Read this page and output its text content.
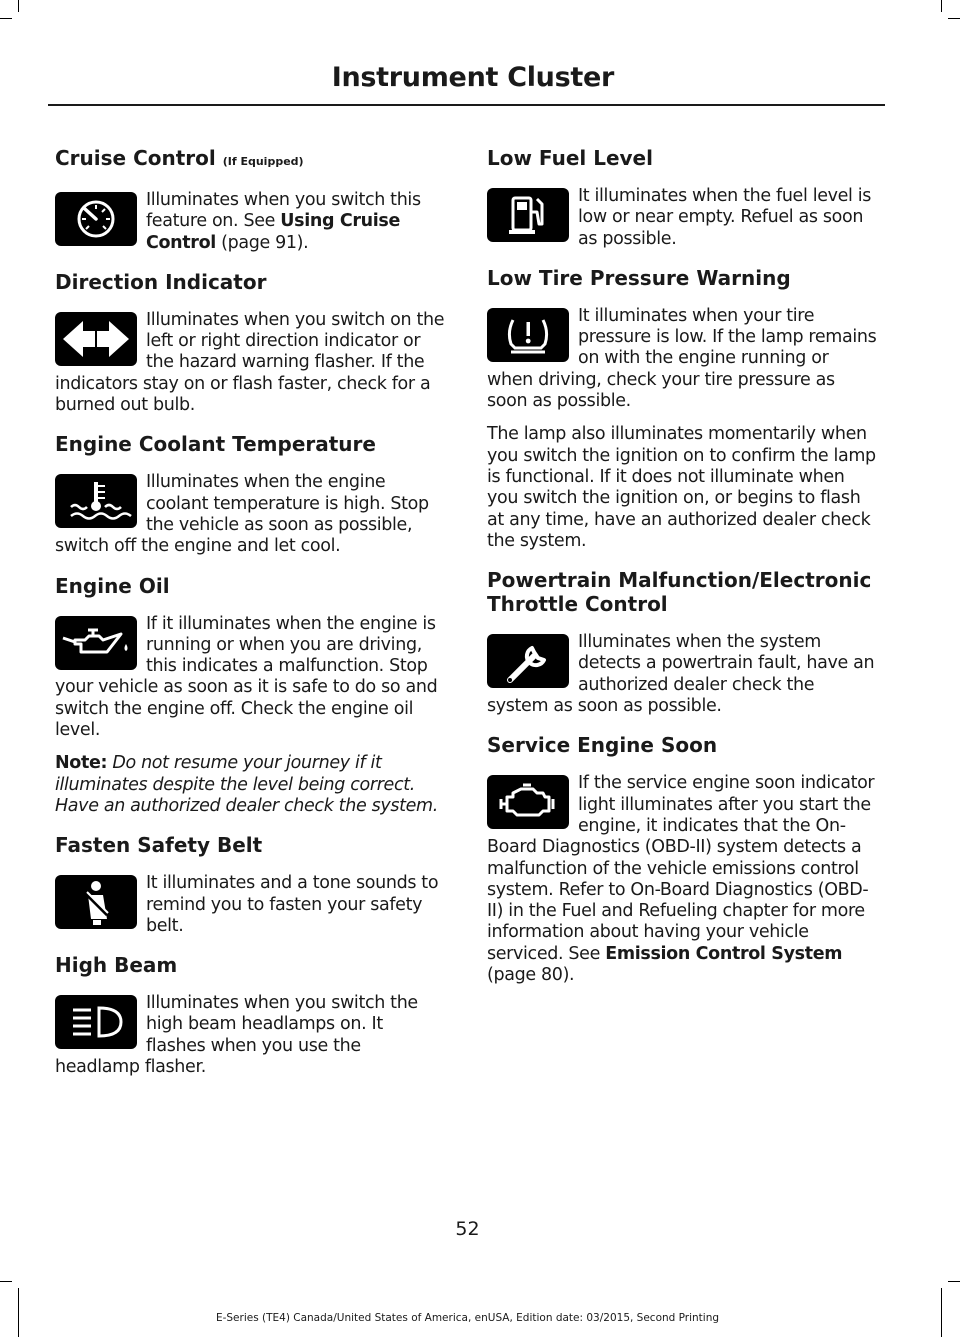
Instrument Cluster
Cruise Control (If Equipped)

Illuminates when you switch this feature on. See Using Cruise Control (page 91).

Direction Indicator

Illuminates when you switch on the left or right direction indicator or the hazard warning flasher. If the indicators stay on or flash faster, check for a burned out bulb.

Engine Coolant Temperature

Illuminates when the engine coolant temperature is high. Stop the vehicle as soon as possible, switch off the engine and let cool.

Engine Oil

If it illuminates when the engine is running or when you are driving, this indicates a malfunction. Stop your vehicle as soon as it is safe to do so and switch the engine off. Check the engine oil level.

Note: Do not resume your journey if it illuminates despite the level being correct. Have an authorized dealer check the system.

Fasten Safety Belt

It illuminates and a tone sounds to remind you to fasten your safety belt.

High Beam

Illuminates when you switch the high beam headlamps on. It flashes when you use the headlamp flasher.

Low Fuel Level

It illuminates when the fuel level is low or near empty. Refuel as soon as possible.

Low Tire Pressure Warning

It illuminates when your tire pressure is low. If the lamp remains on with the engine running or when driving, check your tire pressure as soon as possible.

The lamp also illuminates momentarily when you switch the ignition on to confirm the lamp is functional. If it does not illuminate when you switch the ignition on, or begins to flash at any time, have an authorized dealer check the system.

Powertrain Malfunction/Electronic Throttle Control

Illuminates when the system detects a powertrain fault, have an authorized dealer check the system as soon as possible.

Service Engine Soon

If the service engine soon indicator light illuminates after you start the engine, it indicates that the On-Board Diagnostics (OBD-II) system detects a malfunction of the vehicle emissions control system. Refer to On-Board Diagnostics (OBD-II) in the Fuel and Refueling chapter for more information about having your vehicle serviced. See Emission Control System (page 80).

52
E-Series (TE4) Canada/United States of America, enUSA, Edition date: 03/2015, Second Printing
